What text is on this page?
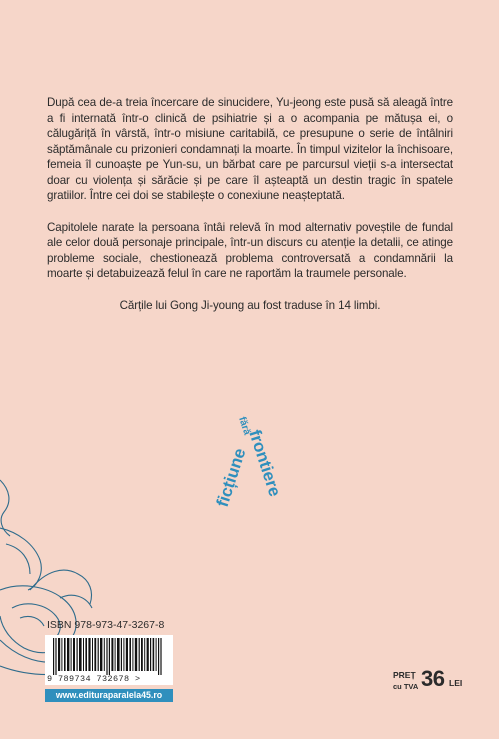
După cea de-a treia încercare de sinucidere, Yu-jeong este pusă să aleagă între a fi internată într-o clinică de psihiatrie și a o acompania pe mătușa ei, o călugăriță în vârstă, într-o misiune caritabilă, ce presupune o serie de întâlniri săptămânale cu prizonieri condamnați la moarte. În timpul vizitelor la închisoare, femeia îl cunoaște pe Yun-su, un bărbat care pe parcursul vieții s-a intersectat doar cu violența și sărăcie și pe care îl așteaptă un destin tragic în spatele gratiilor. Între cei doi se stabilește o conexiune neașteptată.

Capitolele narate la persoana întâi relevă în mod alternativ poveștile de fundal ale celor două personaje principale, într-un discurs cu atenție la detalii, ce atinge probleme sociale, chestionează problema controversată a condamnării la moarte și detabuizează felul în care ne raportăm la traumele personale.

Cărțile lui Gong Ji-young au fost traduse în 14 limbi.

ficțiune
fără
frontiere
ISBN 978-973-47-3267-8
9 789734 732678 >
www.edituraparalela45.ro
PREȚ
cu TVA 36 LEI
